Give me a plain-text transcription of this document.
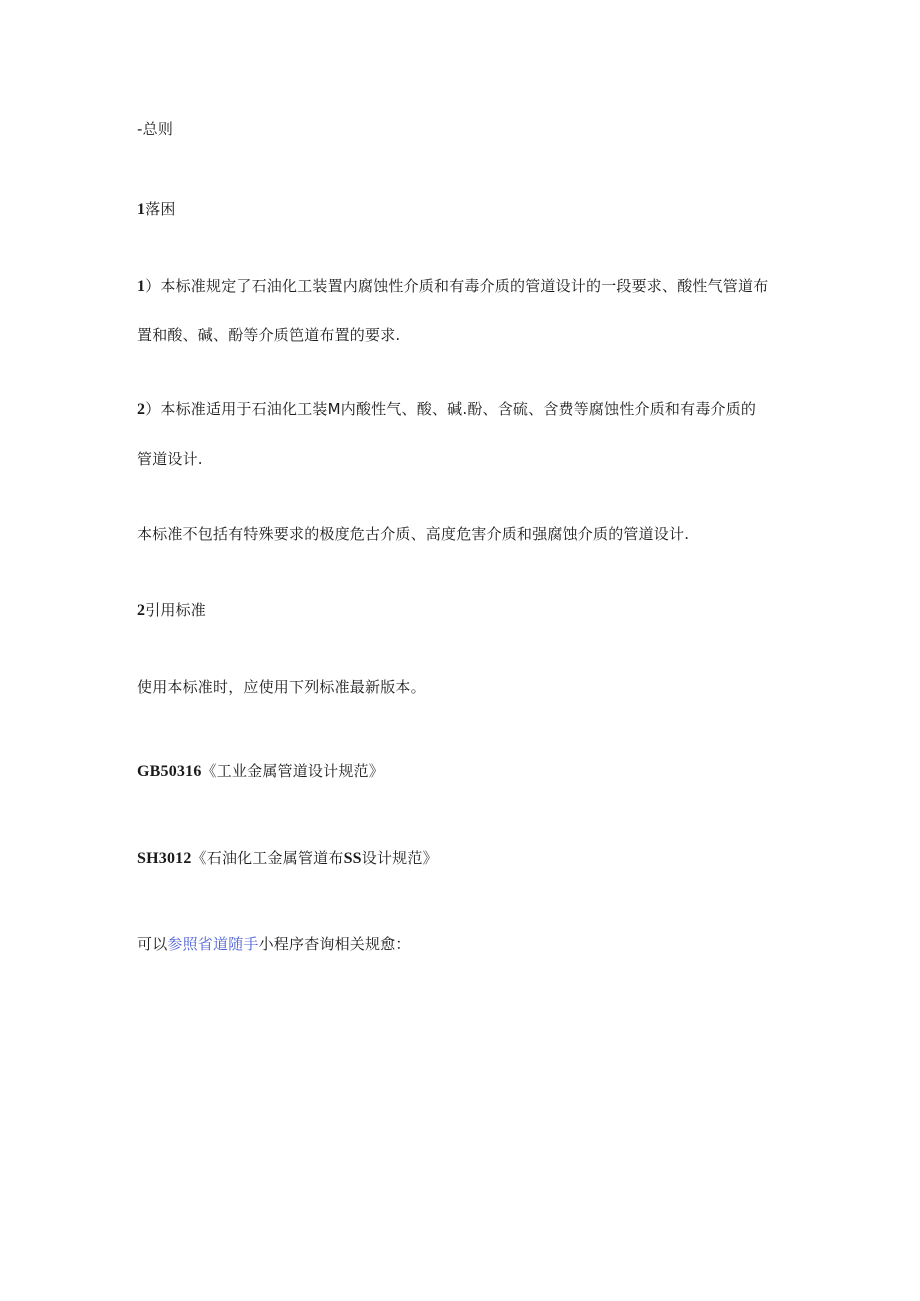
-总则
1落困
1）本标准规定了石油化工装置内腐蚀性介质和有毒介质的管道设计的一段要求、酸性气管道布
置和酸、碱、酚等介质笆道布置的要求.
2）本标准适用于石油化工装M内酸性气、酸、碱.酚、含硫、含费等腐蚀性介质和有毒介质的
管道设计.
本标准不包括有特殊要求的极度危古介质、高度危害介质和强腐蚀介质的管道设计.
2引用标准
使用本标准时，应使用下列标准最新版本。
GB50316《工业金属管道设计规范》
SH3012《石油化工金属管道布SS设计规范》
可以参照省道随手小程序杳询相关规愈：
